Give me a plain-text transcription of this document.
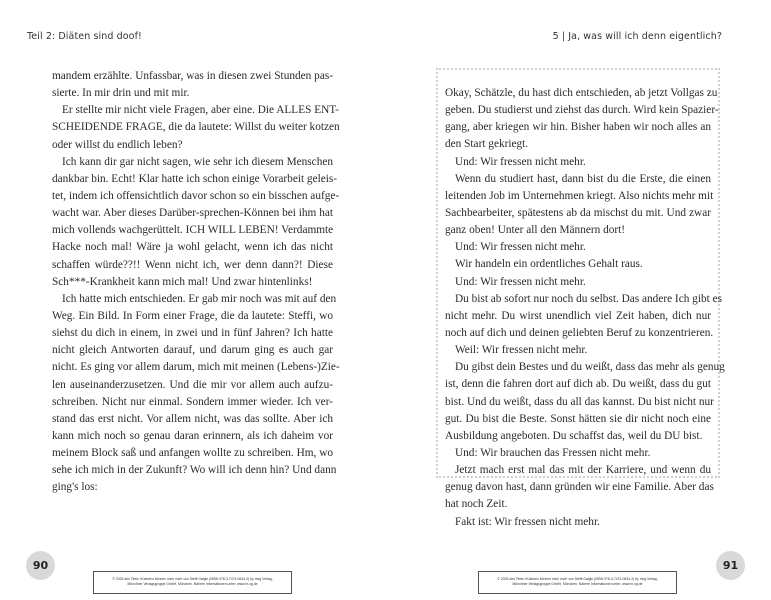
Teil 2: Diäten sind doof!	5 | Ja, was will ich denn eigentlich?
mandem erzählte. Unfassbar, was in diesen zwei Stunden pas-
sierte. In mir drin und mit mir.
Er stellte mir nicht viele Fragen, aber eine. Die ALLES ENT-
SCHEIDENDE FRAGE, die da lautete: Willst du weiter kotzen
oder willst du endlich leben?
Ich kann dir gar nicht sagen, wie sehr ich diesem Menschen
dankbar bin. Echt! Klar hatte ich schon einige Vorarbeit geleis-
tet, indem ich offensichtlich davor schon so ein bisschen aufge-
wacht war. Aber dieses Darüber-sprechen-Können bei ihm hat
mich vollends wachgerüttelt. ICH WILL LEBEN! Verdammte
Hacke noch mal! Wäre ja wohl gelacht, wenn ich das nicht
schaffen würde??!! Wenn nicht ich, wer denn dann?! Diese
Sch***-Krankheit kann mich mal! Und zwar hintenlinks!
Ich hatte mich entschieden. Er gab mir noch was mit auf den
Weg. Ein Bild. In Form einer Frage, die da lautete: Steffi, wo
siehst du dich in einem, in zwei und in fünf Jahren? Ich hatte
nicht gleich Antworten darauf, und darum ging es auch gar
nicht. Es ging vor allem darum, mich mit meinen (Lebens-)Zie-
len auseinanderzusetzen. Und die mir vor allem auch aufzu-
schreiben. Nicht nur einmal. Sondern immer wieder. Ich ver-
stand das erst nicht. Vor allem nicht, was das sollte. Aber ich
kann mich noch so genau daran erinnern, als ich daheim vor
meinem Block saß und anfangen wollte zu schreiben. Hm, wo
sehe ich mich in der Zukunft? Wo will ich denn hin? Und dann
ging's los:
Okay, Schätzle, du hast dich entschieden, ab jetzt Vollgas zu
geben. Du studierst und ziehst das durch. Wird kein Spazier-
gang, aber kriegen wir hin. Bisher haben wir noch alles an
den Start gekriegt.
Und: Wir fressen nicht mehr.
Wenn du studiert hast, dann bist du die Erste, die einen
leitenden Job im Unternehmen kriegt. Also nichts mehr mit
Sachbearbeiter, spätestens ab da mischst du mit. Und zwar
ganz oben! Unter all den Männern dort!
Und: Wir fressen nicht mehr.
Wir handeln ein ordentliches Gehalt raus.
Und: Wir fressen nicht mehr.
Du bist ab sofort nur noch du selbst. Das andere Ich gibt es
nicht mehr. Du wirst unendlich viel Zeit haben, dich nur
noch auf dich und deinen geliebten Beruf zu konzentrieren.
Weil: Wir fressen nicht mehr.
Du gibst dein Bestes und du weißt, dass das mehr als genug
ist, denn die fahren dort auf dich ab. Du weißt, dass du gut
bist. Und du weißt, dass du all das kannst. Du bist nicht nur
gut. Du bist die Beste. Sonst hätten sie dir nicht noch eine
Ausbildung angeboten. Du schaffst das, weil du DU bist.
Und: Wir brauchen das Fressen nicht mehr.
Jetzt mach erst mal das mit der Karriere, und wenn du
genug davon hast, dann gründen wir eine Familie. Aber das
hat noch Zeit.
Fakt ist: Wir fressen nicht mehr.
90	91
© 2025 des Titels »Kalorien können mich mal« von Steffi Gaigle (ISBN 978-3-7474-0634-2) by mvg Verlag,
Münchner Verlagsgruppe GmbH, München. Nähere Informationen unter: www.m-vg.de
© 2025 des Titels »Kalorien können mich mal« von Steffi Gaigle (ISBN 978-3-7474-0634-2) by mvg Verlag,
Münchner Verlagsgruppe GmbH, München. Nähere Informationen unter: www.m-vg.de
